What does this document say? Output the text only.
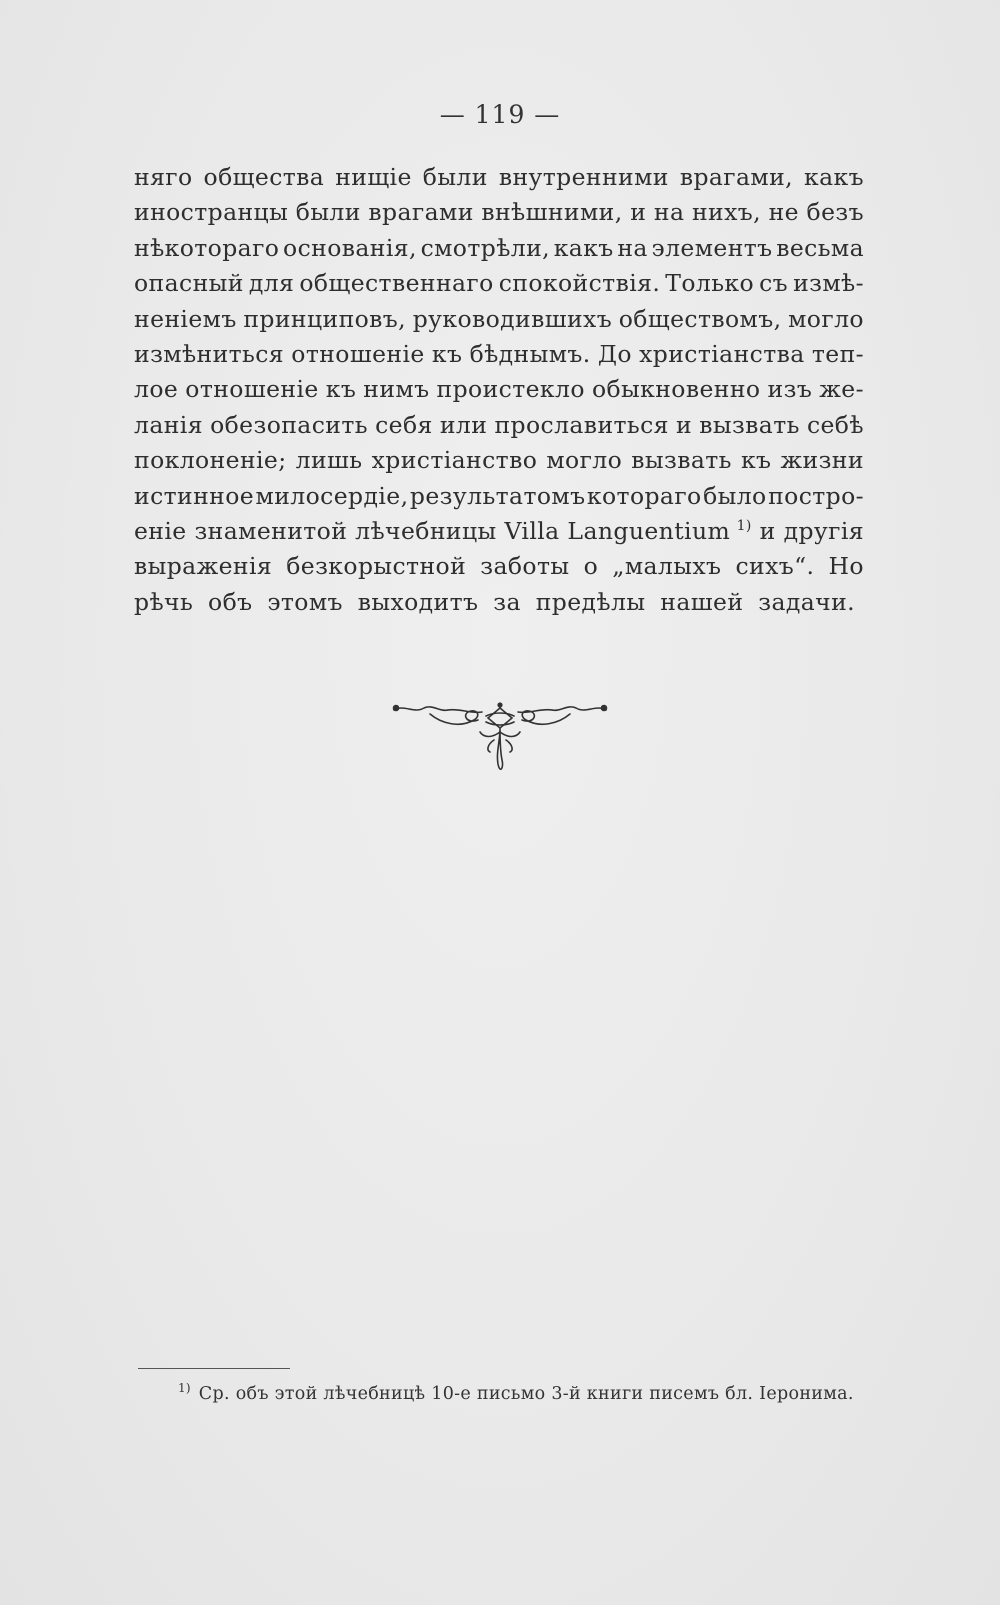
— 119 —
няго общества нищіе были внутренними врагами, какъ
иностранцы были врагами внѣшними, и на нихъ, не безъ
нѣкотораго основанія, смотрѣли, какъ на элементъ весьма
опасный для общественнаго спокойствія. Только съ измѣ-
неніемъ принциповъ, руководившихъ обществомъ, могло
измѣниться отношеніе къ бѣднымъ. До христіанства теп-
лое отношеніе къ нимъ проистекло обыкновенно изъ же-
ланія обезопасить себя или прославиться и вызвать себѣ
поклоненіе; лишь христіанство могло вызвать къ жизни
истинное милосердіе, результатомъ котораго было постро-
еніе знаменитой лѣчебницы Villa Languentium 1) и другія
выраженія безкорыстной заботы о „малыхъ сихъ“. Но
рѣчь объ этомъ выходитъ за предѣлы нашей задачи.
$^{1)}$ Ср. объ этой лѣчебницѣ 10-е письмо 3-й книги писемъ бл. Іеронима.
